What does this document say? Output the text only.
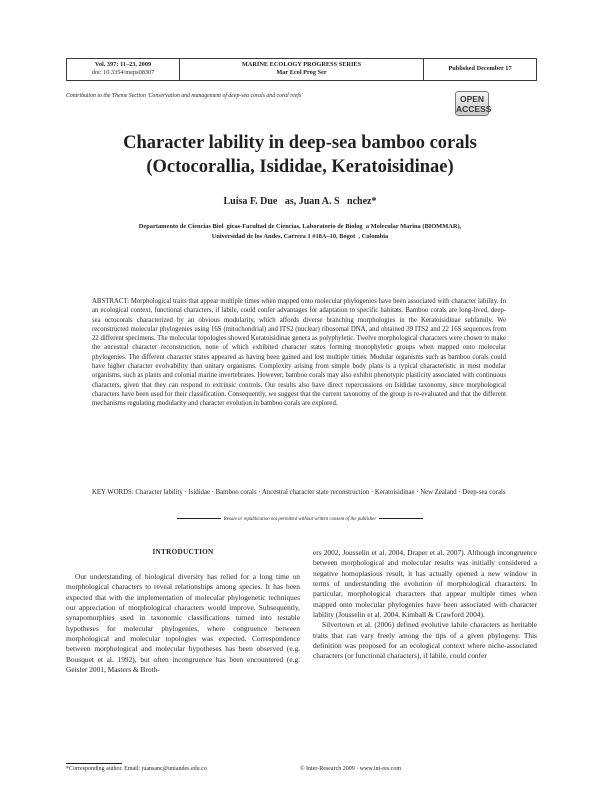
Vol. 397: 11–23, 2009
doi: 10.3354/meps08307
MARINE ECOLOGY PROGRESS SERIES
Mar Ecol Prog Ser
Published December 17
Contribution to the Theme Section 'Conservation and management of deep-sea corals and coral reefs'	OPEN
ACCESS
Character lability in deep-sea bamboo corals
(Octocorallia, Isididae, Keratoisidinae)
Luisa F. Due   as, Juan A. S   nchez*
Departamento de Ciencias Biol  gicas-Facultad de Ciencias, Laboratorio de Biolog  a Molecular Marina (BIOMMAR),
Universidad de los Andes, Carrera 1 #18A–10, Bogot  , Colombia
ABSTRACT: Morphological traits that appear multiple times when mapped onto molecular phylogenies have been associated with character lability. In an ecological context, functional characters, if labile, could confer advantages for adaptation to specific habitats. Bamboo corals are long-lived, deep-sea octocorals characterized by an obvious modularity, which affords diverse branching morphologies in the Keratoisidinae subfamily. We reconstructed molecular phylogenies using 16S (mitochondrial) and ITS2 (nuclear) ribosomal DNA, and obtained 39 ITS2 and 22 16S sequences from 22 different specimens. The molecular topologies showed Keratoisidinae genera as polyphyletic. Twelve morphological characters were chosen to make the ancestral character reconstruction, none of which exhibited character states forming monophyletic groups when mapped onto molecular phylogenies. The different character states appeared as having been gained and lost multiple times. Modular organisms such as bamboo corals could have higher character evolvability than unitary organisms. Complexity arising from simple body plans is a typical characteristic in most modular organisms, such as plants and colonial marine invertebrates. However, bamboo corals may also exhibit phenotypic plasticity associated with continuous characters, given that they can respond to extrinsic controls. Our results also have direct repercussions on Isididae taxonomy, since morphological characters have been used for their classification. Consequently, we suggest that the current taxonomy of the group is re-evaluated and that the different mechanisms regulating modularity and character evolution in bamboo corals are explored.
KEY WORDS: Character lability · Isididae · Bamboo corals · Ancestral character state reconstruction · Keratoisidinae · New Zealand · Deep-sea corals
Resale or republication not permitted without written consent of the publisher
INTRODUCTION

Our understanding of biological diversity has relied for a long time on morphological characters to reveal relationships among species. It has been expected that with the implementation of molecular phylogenetic techniques our appreciation of morphological characters would improve. Subsequently, synapomorphies used in taxonomic classifications turned into testable hypotheses for molecular phylogenies, where congruence between morphological and molecular topologies was expected. Correspondence between morphological and molecular hypotheses has been observed (e.g. Bousquet et al. 1992), but often incongruence has been encountered (e.g. Geisler 2001, Masters & Broth-

ers 2002, Jousselin et al. 2004, Draper et al. 2007). Although incongruence between morphological and molecular results was initially considered a negative homoplasious result, it has actually opened a new window in terms of understanding the evolution of morphological characters. In particular, morphological characters that appear multiple times when mapped onto molecular phylogenies have been associated with character lability (Jousselin et al. 2004, Kimball & Crawford 2004).

Silvertown et al. (2006) defined evolutive labile characters as heritable traits that can vary freely among the tips of a given phylogeny. This definition was proposed for an ecological context where niche-associated characters (or functional characters), if labile, could confer

*Corresponding author. Email: juansanc@uniandes.edu.co	© Inter-Research 2009 · www.int-res.com
